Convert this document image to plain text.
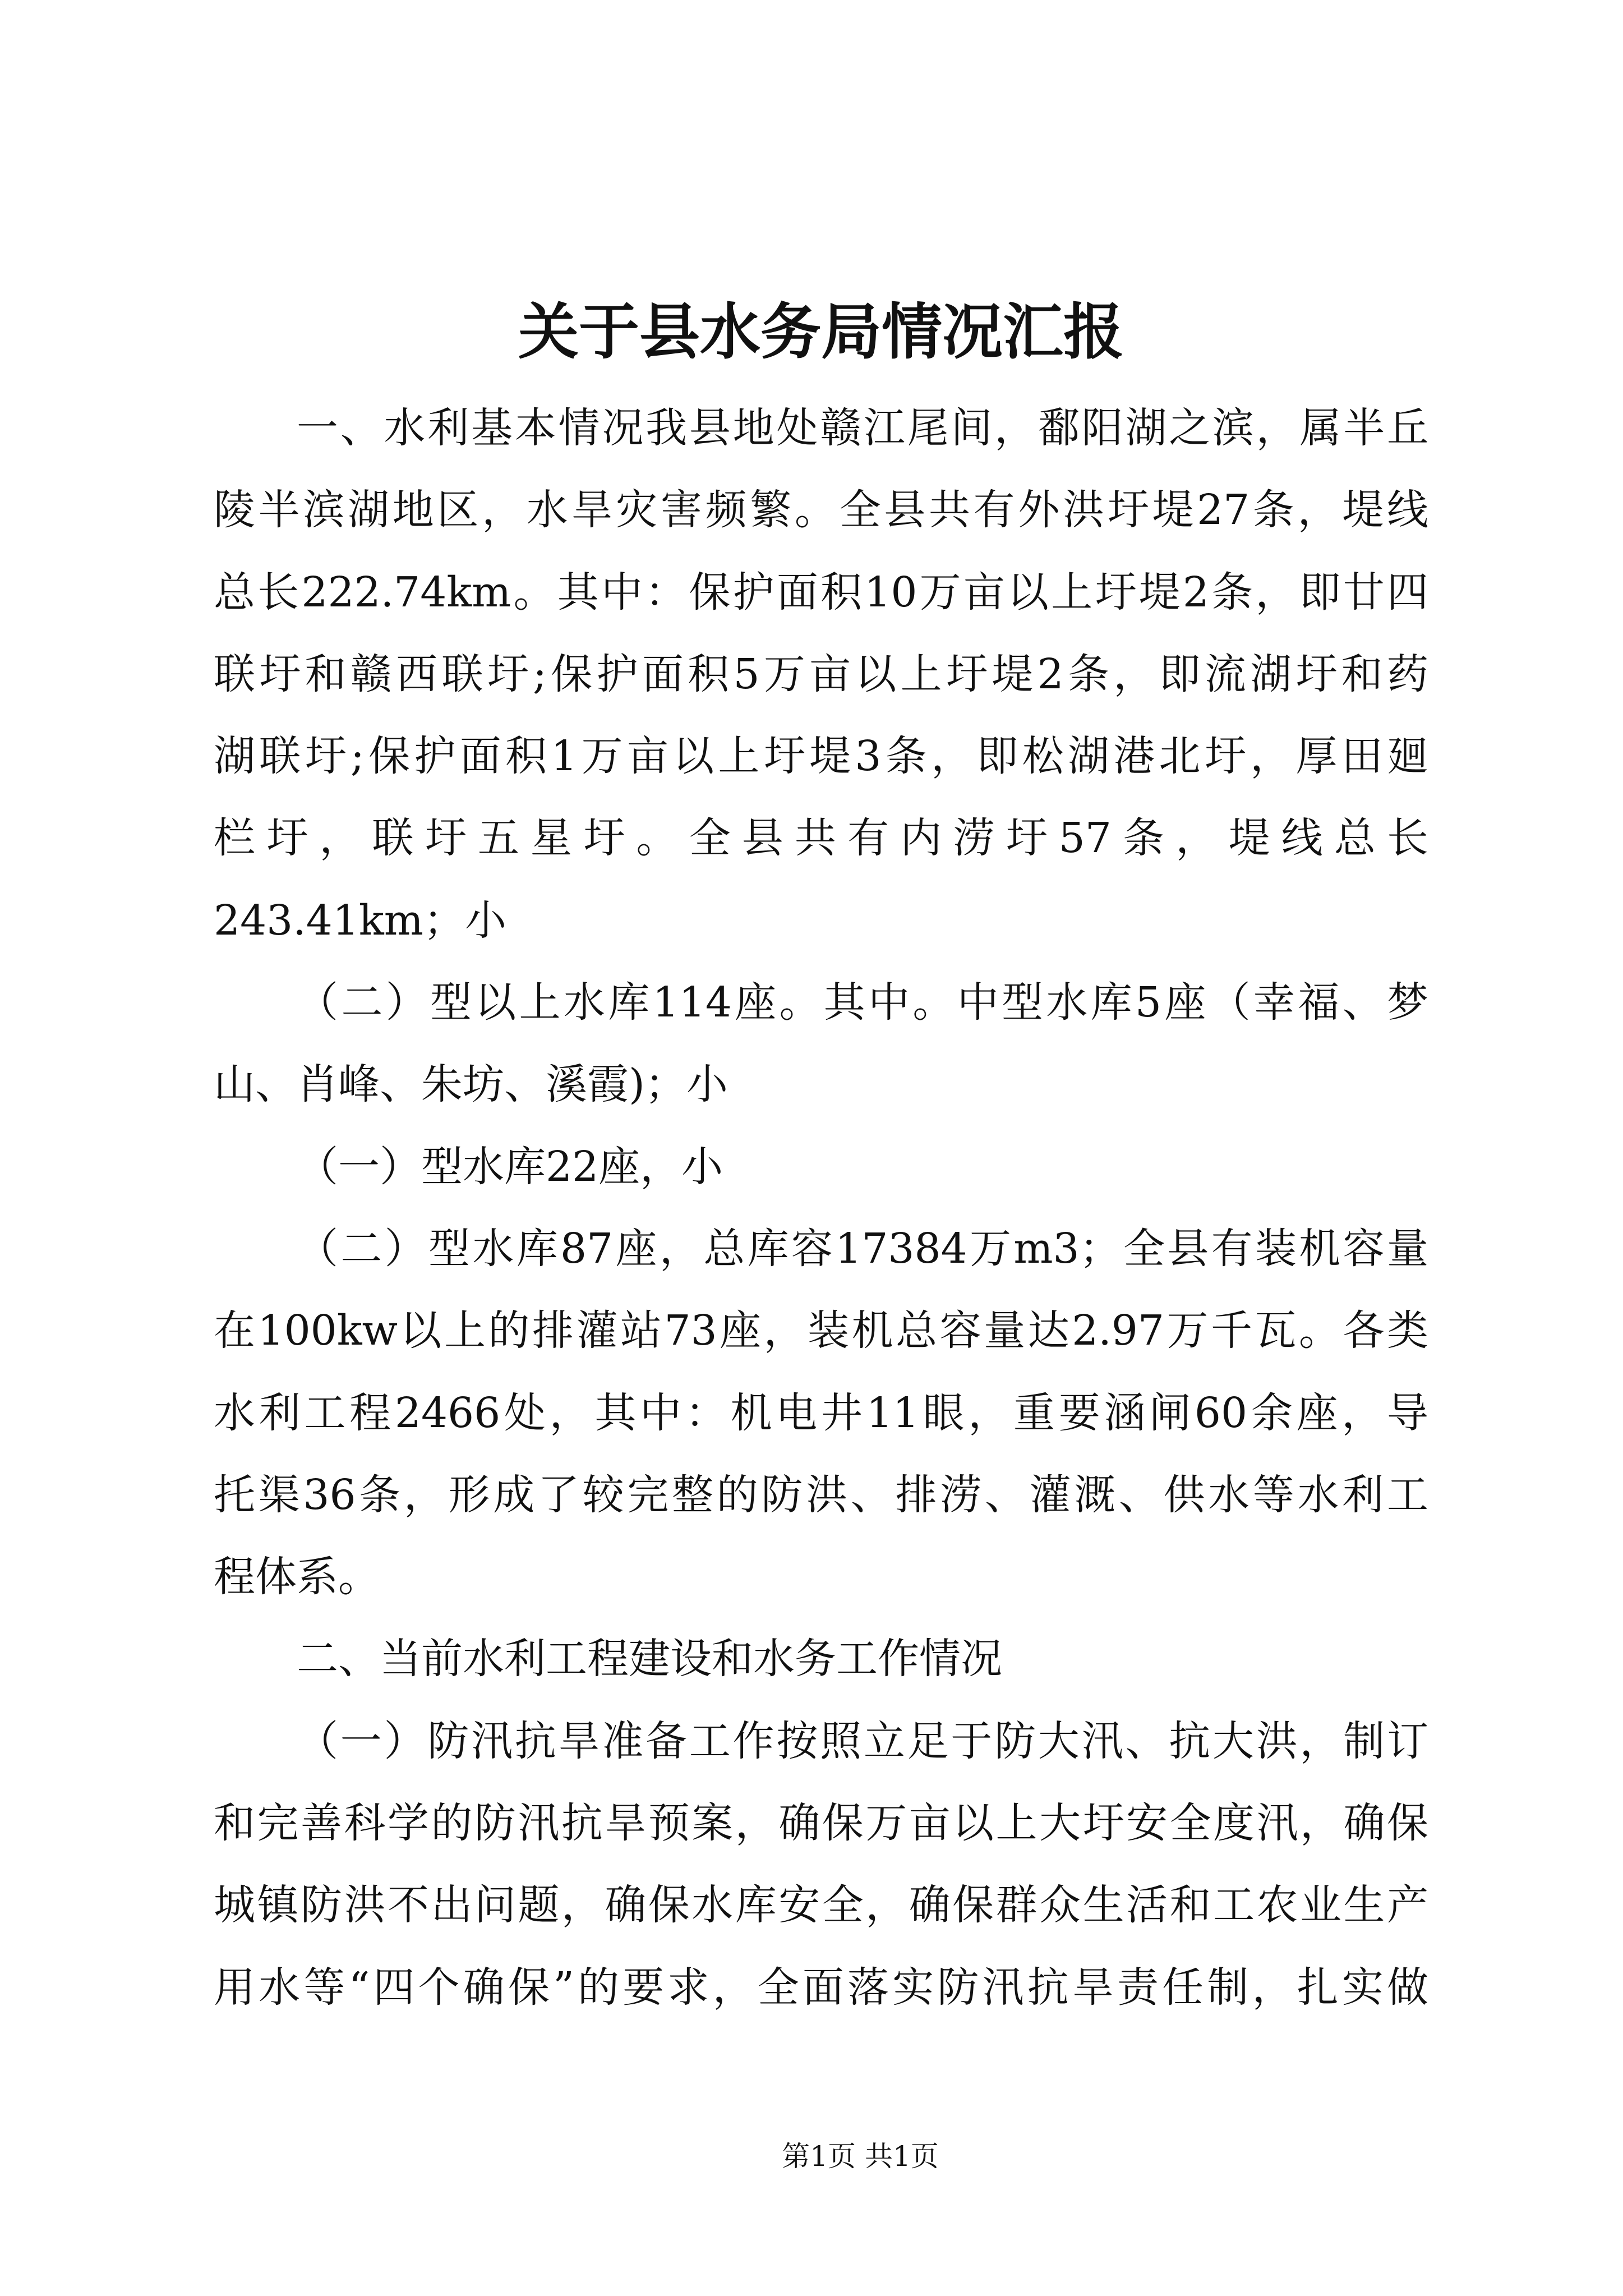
关于县水务局情况汇报
一、水利基本情况我县地处赣江尾间，鄱阳湖之滨，属半丘
陵半滨湖地区，水旱灾害频繁。全县共有外洪圩堤27条，堤线
总长222.74km。其中：保护面积10万亩以上圩堤2条，即廿四
联圩和赣西联圩;保护面积5万亩以上圩堤2条，即流湖圩和药
湖联圩;保护面积1万亩以上圩堤3条，即松湖港北圩，厚田廻
栏圩，联圩五星圩。全县共有内涝圩57条，堤线总长
243.41km；小
（二）型以上水库114座。其中。中型水库5座（幸福、梦
山、肖峰、朱坊、溪霞)；小
（一）型水库22座，小
（二）型水库87座，总库容17384万m3；全县有装机容量
在100kw以上的排灌站73座，装机总容量达2.97万千瓦。各类
水利工程2466处，其中：机电井11眼，重要涵闸60余座，导
托渠36条，形成了较完整的防洪、排涝、灌溉、供水等水利工
程体系。
二、当前水利工程建设和水务工作情况
（一）防汛抗旱准备工作按照立足于防大汛、抗大洪，制订
和完善科学的防汛抗旱预案，确保万亩以上大圩安全度汛，确保
城镇防洪不出问题，确保水库安全，确保群众生活和工农业生产
用水等“四个确保”的要求，全面落实防汛抗旱责任制，扎实做
第1页 共1页
